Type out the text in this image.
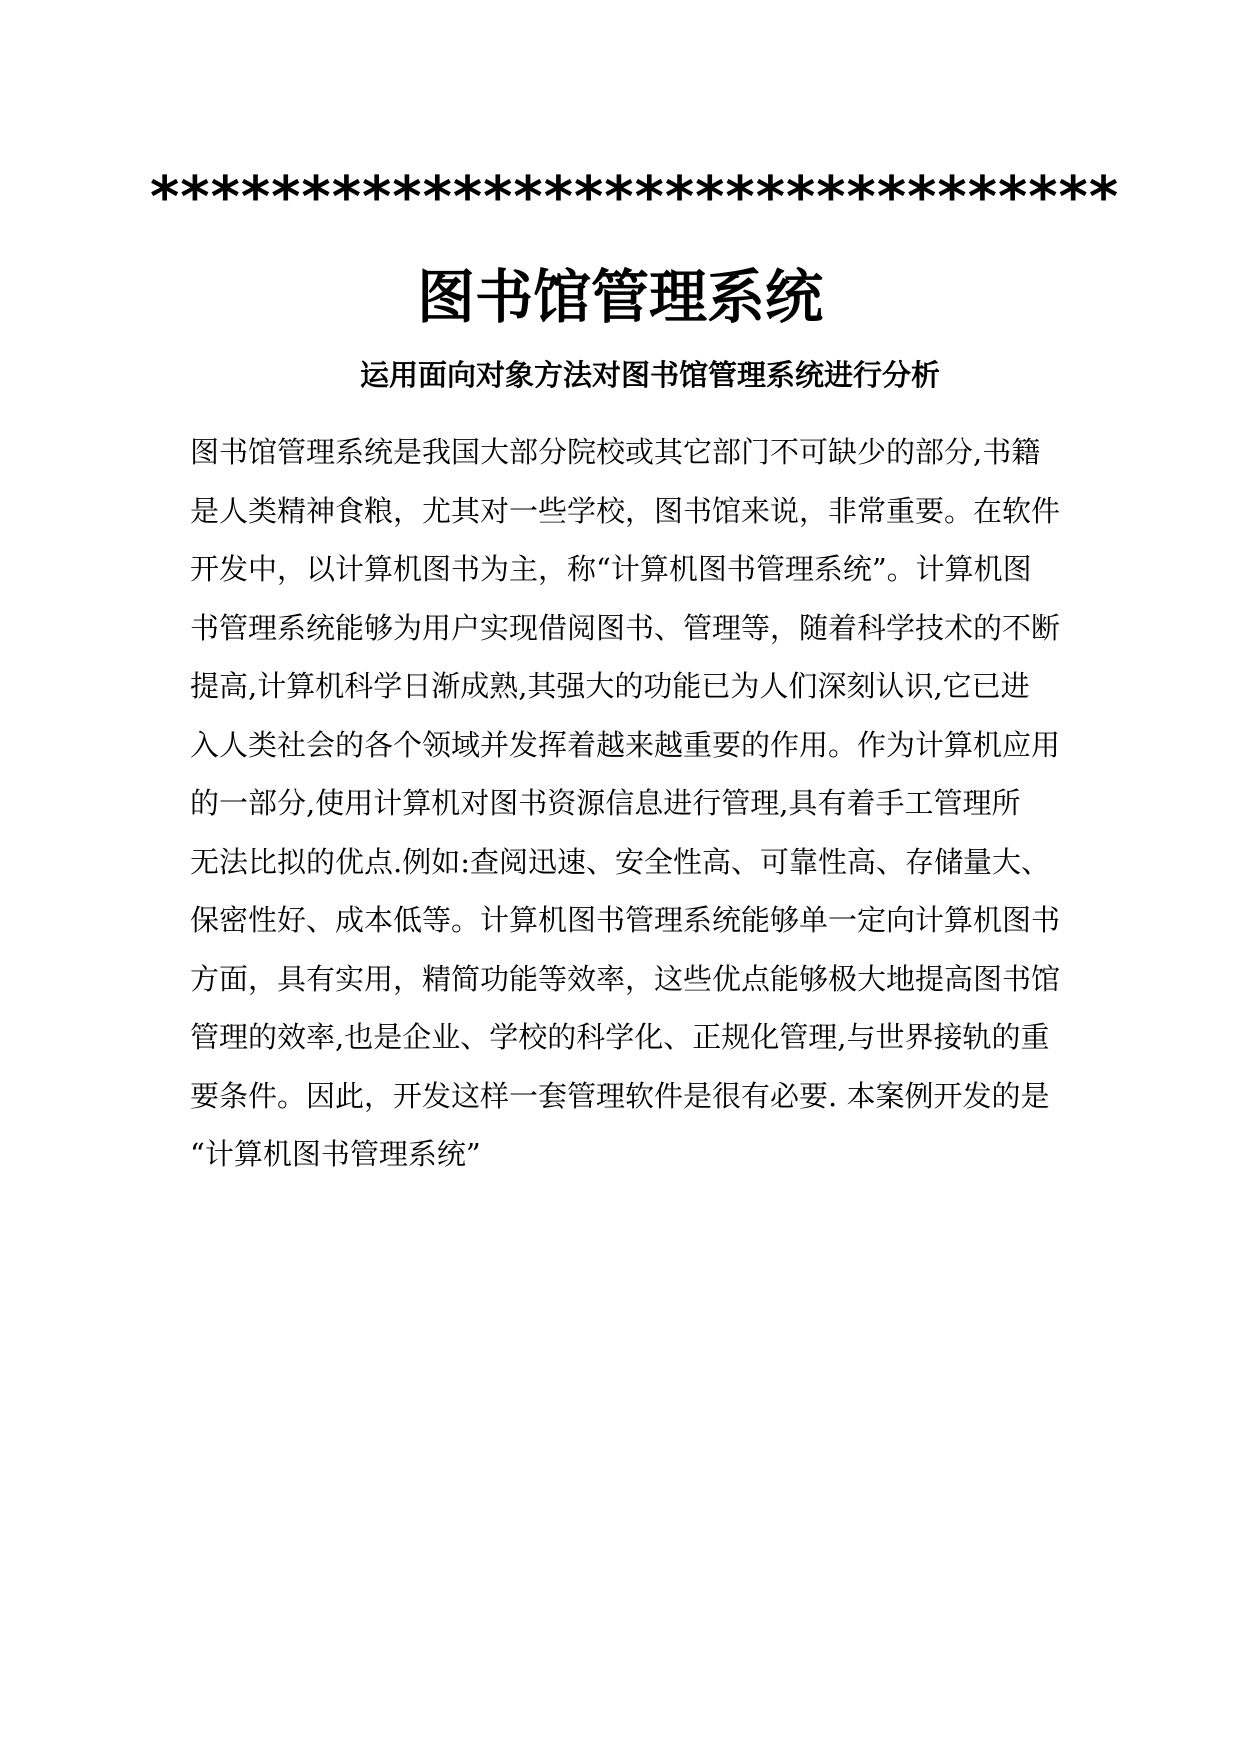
********************************
图书馆管理系统
运用面向对象方法对图书馆管理系统进行分析
图书馆管理系统是我国大部分院校或其它部门不可缺少的部分,书籍
是人类精神食粮，尤其对一些学校，图书馆来说，非常重要。在软件
开发中，以计算机图书为主，称“计算机图书管理系统”。计算机图
书管理系统能够为用户实现借阅图书、管理等，随着科学技术的不断
提高,计算机科学日渐成熟,其强大的功能已为人们深刻认识,它已进
入人类社会的各个领域并发挥着越来越重要的作用。作为计算机应用
的一部分,使用计算机对图书资源信息进行管理,具有着手工管理所
无法比拟的优点.例如:查阅迅速、安全性高、可靠性高、存储量大、
保密性好、成本低等。计算机图书管理系统能够单一定向计算机图书
方面，具有实用，精简功能等效率，这些优点能够极大地提高图书馆
管理的效率,也是企业、学校的科学化、正规化管理,与世界接轨的重
要条件。因此，开发这样一套管理软件是很有必要. 本案例开发的是
“计算机图书管理系统”
